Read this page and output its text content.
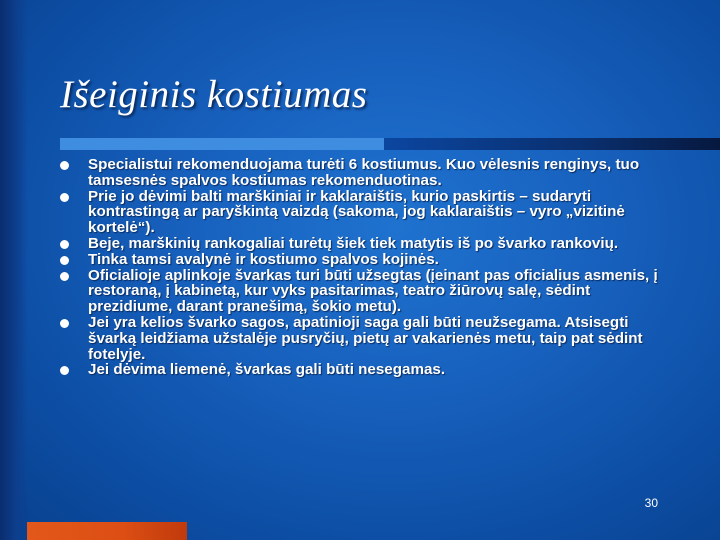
Išeiginis kostiumas
Specialistui rekomenduojama turėti 6 kostiumus. Kuo vėlesnis renginys, tuo tamsesnės spalvos kostiumas rekomenduotinas.
Prie jo dėvimi balti marškiniai ir kaklaraištis, kurio paskirtis – sudaryti kontrastingą ar paryškintą vaizdą (sakoma, jog kaklaraištis – vyro „vizitinė kortelė“).
Beje, marškinių rankogaliai turėtų šiek tiek matytis iš po švarko rankovių.
Tinka tamsi avalynė ir kostiumo spalvos kojinės.
Oficialioje aplinkoje švarkas turi būti užsegtas (įeinant pas oficialius asmenis, į restoraną, į kabinetą, kur vyks pasitarimas, teatro žiūrovų salę, sėdint prezidiume, darant pranešimą, šokio metu).
Jei yra kelios švarko sagos, apatinioji saga gali būti neužsegama. Atsisegti švarką leidžiama užstalėje pusryčių, pietų ar vakarienės metu, taip pat sėdint fotelyje.
Jei dėvima liemenė, švarkas gali būti nesegamas.
30
